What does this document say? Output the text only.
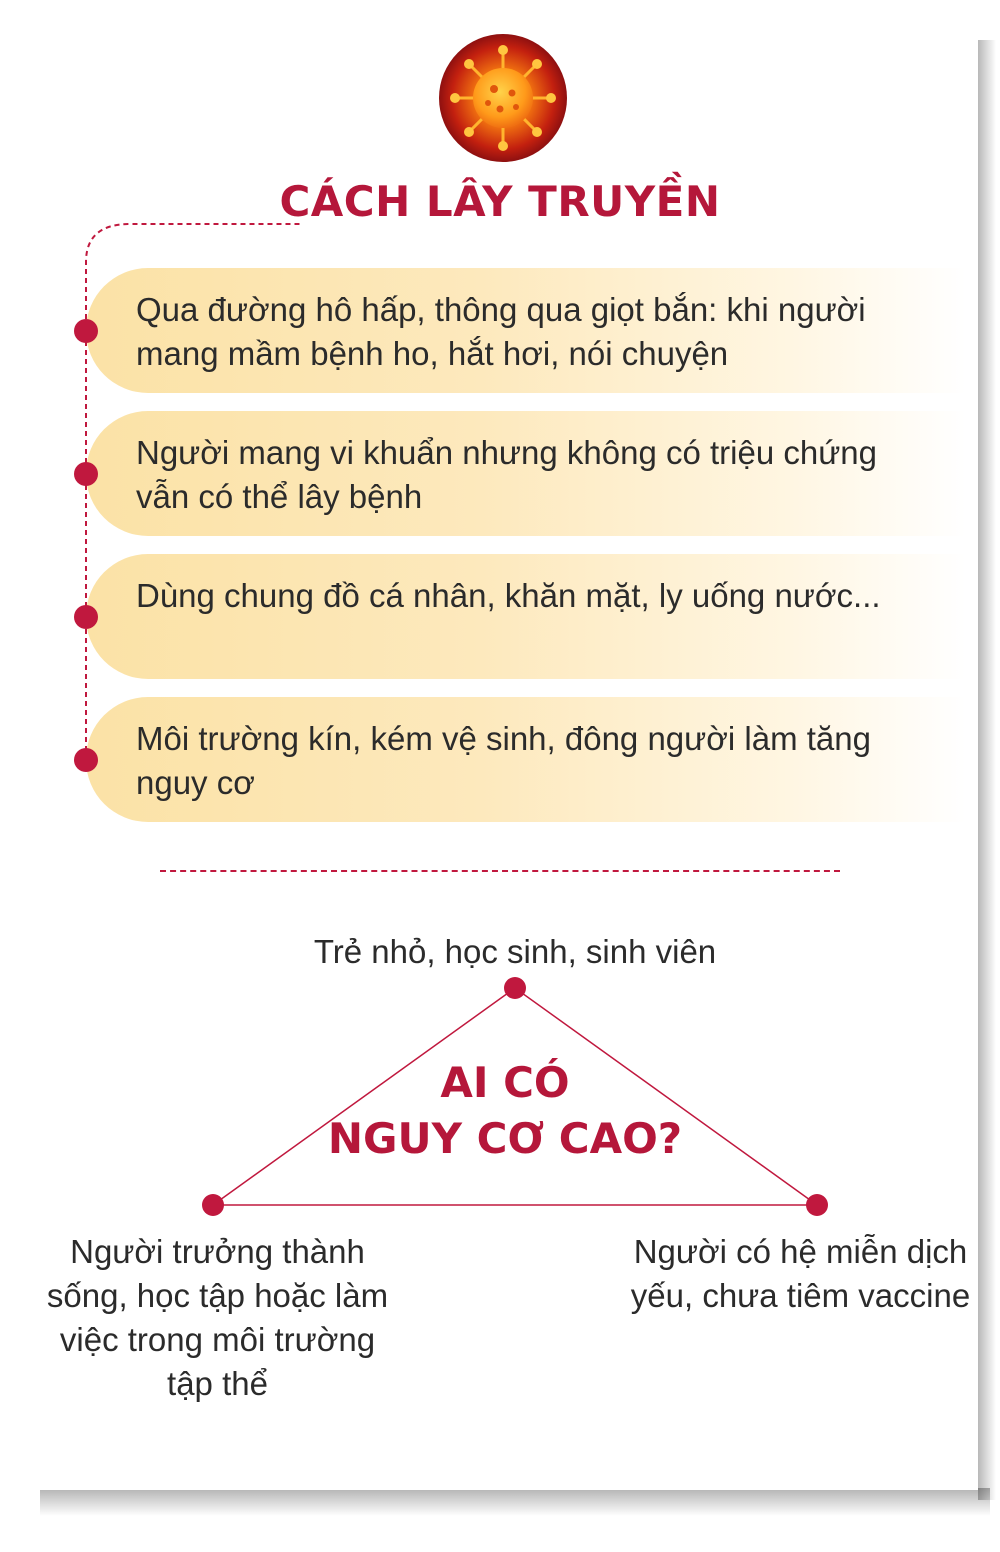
CÁCH LÂY TRUYỀN
Qua đường hô hấp, thông qua giọt bắn: khi người mang mầm bệnh ho, hắt hơi, nói chuyện
Người mang vi khuẩn nhưng không có triệu chứng vẫn có thể lây bệnh
Dùng chung đồ cá nhân, khăn mặt, ly uống nước...
Môi trường kín, kém vệ sinh, đông người làm tăng nguy cơ
Trẻ nhỏ, học sinh, sinh viên
AI CÓ
NGUY CƠ CAO?
Người trưởng thành sống, học tập hoặc làm việc trong môi trường tập thể
Người có hệ miễn dịch yếu, chưa tiêm vaccine
